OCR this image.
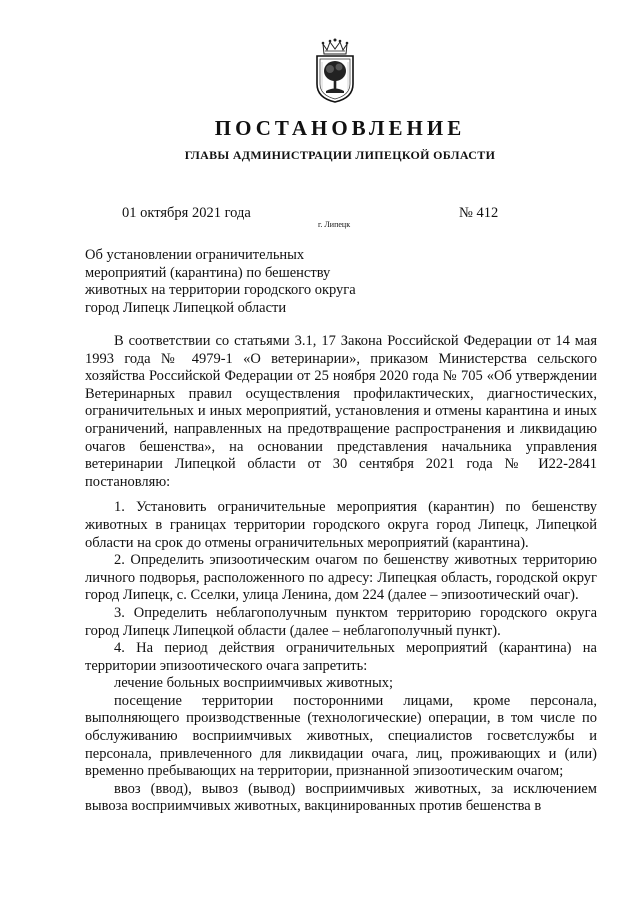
ПОСТАНОВЛЕНИЕ
ГЛАВЫ АДМИНИСТРАЦИИ ЛИПЕЦКОЙ ОБЛАСТИ
01 октября 2021 года
г. Липецк
№ 412
Об установлении ограничительных мероприятий (карантина) по бешенству животных на территории городского округа город Липецк Липецкой области

В соответствии со статьями 3.1, 17 Закона Российской Федерации от 14 мая 1993 года № 4979-1 «О ветеринарии», приказом Министерства сельского хозяйства Российской Федерации от 25 ноября 2020 года № 705 «Об утверждении Ветеринарных правил осуществления профилактических, диагностических, ограничительных и иных мероприятий, установления и отмены карантина и иных ограничений, направленных на предотвращение распространения и ликвидацию очагов бешенства», на основании представления начальника управления ветеринарии Липецкой области от 30 сентября 2021 года № И22-2841 постановляю:

1. Установить ограничительные мероприятия (карантин) по бешенству животных в границах территории городского округа город Липецк, Липецкой области на срок до отмены ограничительных мероприятий (карантина).

2. Определить эпизоотическим очагом по бешенству животных территорию личного подворья, расположенного по адресу: Липецкая область, городской округ город Липецк, с. Сселки, улица Ленина, дом 224 (далее – эпизоотический очаг).

3. Определить неблагополучным пунктом территорию городского округа город Липецк Липецкой области (далее – неблагополучный пункт).

4. На период действия ограничительных мероприятий (карантина) на территории эпизоотического очага запретить:

лечение больных восприимчивых животных;

посещение территории посторонними лицами, кроме персонала, выполняющего производственные (технологические) операции, в том числе по обслуживанию восприимчивых животных, специалистов госветслужбы и персонала, привлеченного для ликвидации очага, лиц, проживающих и (или) временно пребывающих на территории, признанной эпизоотическим очагом;

ввоз (ввод), вывоз (вывод) восприимчивых животных, за исключением вывоза восприимчивых животных, вакцинированных против бешенства в
